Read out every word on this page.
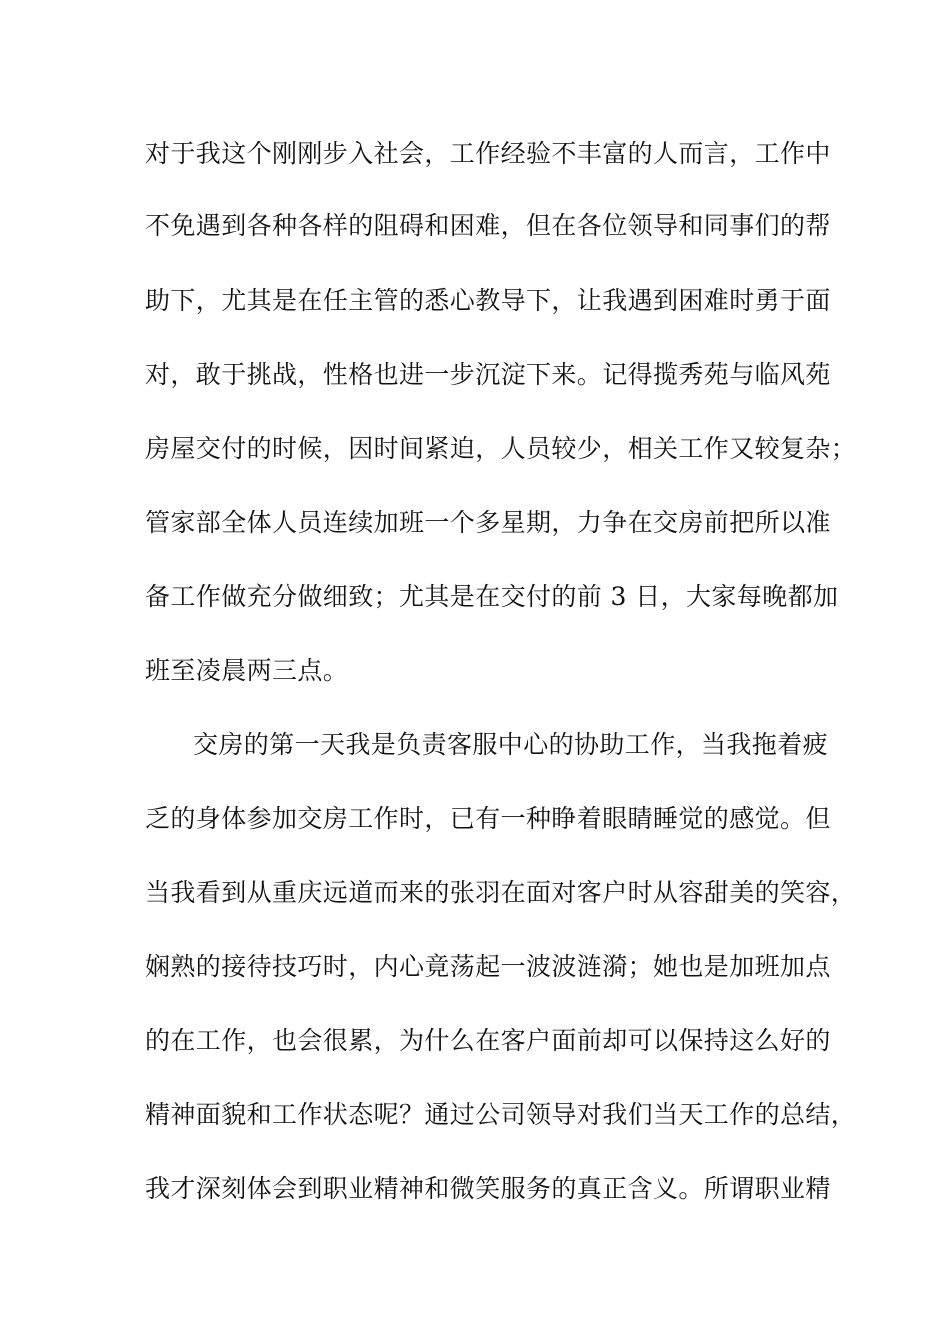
对于我这个刚刚步入社会，工作经验不丰富的人而言，工作中
不免遇到各种各样的阻碍和困难，但在各位领导和同事们的帮
助下，尤其是在任主管的悉心教导下，让我遇到困难时勇于面
对，敢于挑战，性格也进一步沉淀下来。记得揽秀苑与临风苑
房屋交付的时候，因时间紧迫，人员较少，相关工作又较复杂；
管家部全体人员连续加班一个多星期，力争在交房前把所以准
备工作做充分做细致；尤其是在交付的前 3 日，大家每晚都加
班至凌晨两三点。
交房的第一天我是负责客服中心的协助工作，当我拖着疲
乏的身体参加交房工作时，已有一种睁着眼睛睡觉的感觉。但
当我看到从重庆远道而来的张羽在面对客户时从容甜美的笑容，
娴熟的接待技巧时，内心竟荡起一波波涟漪；她也是加班加点
的在工作，也会很累，为什么在客户面前却可以保持这么好的
精神面貌和工作状态呢？通过公司领导对我们当天工作的总结，
我才深刻体会到职业精神和微笑服务的真正含义。所谓职业精
